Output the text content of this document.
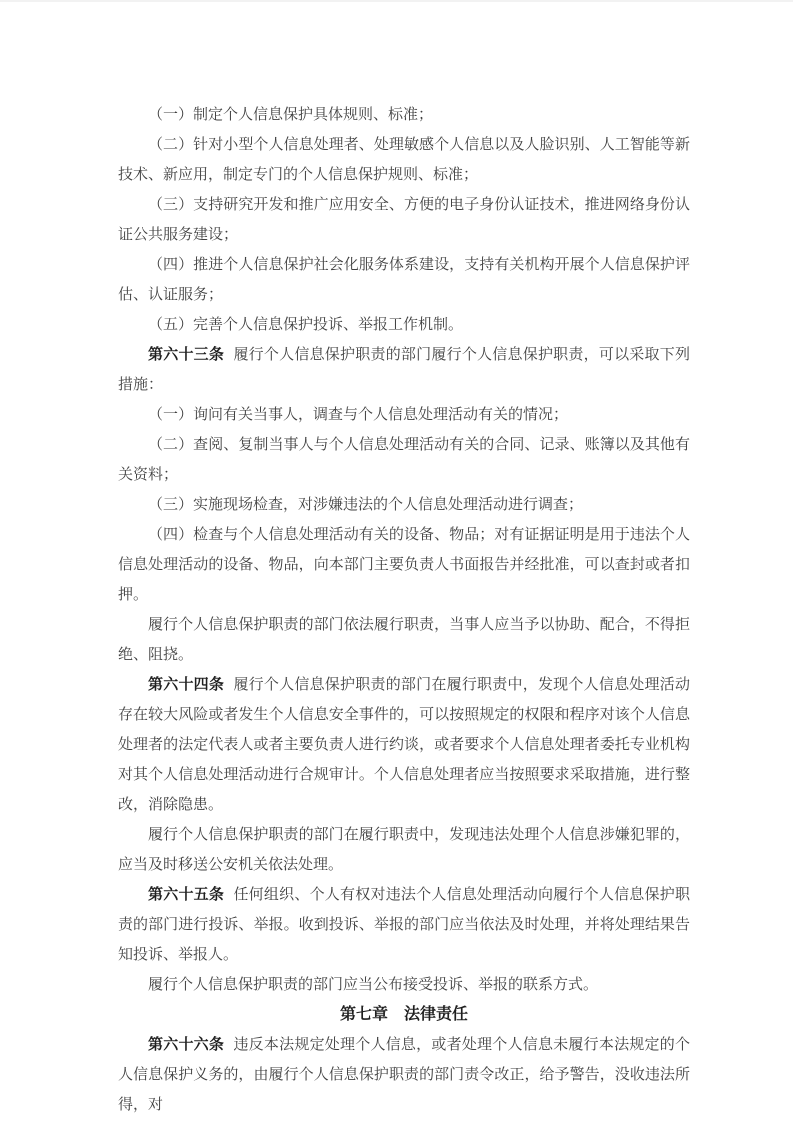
（一）制定个人信息保护具体规则、标准；

（二）针对小型个人信息处理者、处理敏感个人信息以及人脸识别、人工智能等新技术、新应用，制定专门的个人信息保护规则、标准；

（三）支持研究开发和推广应用安全、方便的电子身份认证技术，推进网络身份认证公共服务建设；

（四）推进个人信息保护社会化服务体系建设，支持有关机构开展个人信息保护评估、认证服务；

（五）完善个人信息保护投诉、举报工作机制。

第六十三条 履行个人信息保护职责的部门履行个人信息保护职责，可以采取下列措施：

（一）询问有关当事人，调查与个人信息处理活动有关的情况；

（二）查阅、复制当事人与个人信息处理活动有关的合同、记录、账簿以及其他有关资料；

（三）实施现场检查，对涉嫌违法的个人信息处理活动进行调查；

（四）检查与个人信息处理活动有关的设备、物品；对有证据证明是用于违法个人信息处理活动的设备、物品，向本部门主要负责人书面报告并经批准，可以查封或者扣押。

履行个人信息保护职责的部门依法履行职责，当事人应当予以协助、配合，不得拒绝、阻挠。

第六十四条 履行个人信息保护职责的部门在履行职责中，发现个人信息处理活动存在较大风险或者发生个人信息安全事件的，可以按照规定的权限和程序对该个人信息处理者的法定代表人或者主要负责人进行约谈，或者要求个人信息处理者委托专业机构对其个人信息处理活动进行合规审计。个人信息处理者应当按照要求采取措施，进行整改，消除隐患。

履行个人信息保护职责的部门在履行职责中，发现违法处理个人信息涉嫌犯罪的，应当及时移送公安机关依法处理。

第六十五条 任何组织、个人有权对违法个人信息处理活动向履行个人信息保护职责的部门进行投诉、举报。收到投诉、举报的部门应当依法及时处理，并将处理结果告知投诉、举报人。

履行个人信息保护职责的部门应当公布接受投诉、举报的联系方式。

第七章　法律责任

第六十六条 违反本法规定处理个人信息，或者处理个人信息未履行本法规定的个人信息保护义务的，由履行个人信息保护职责的部门责令改正，给予警告，没收违法所得，对
